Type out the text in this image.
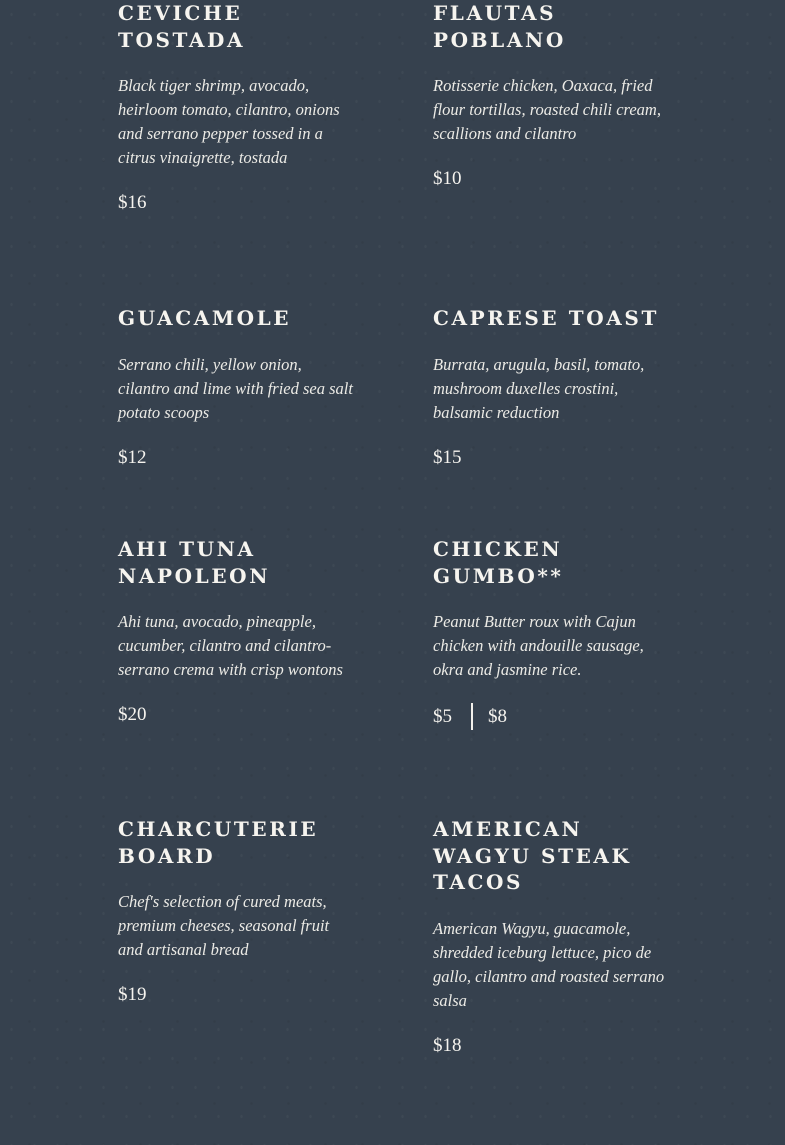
CEVICHE TOSTADA

Black tiger shrimp, avocado, heirloom tomato, cilantro, onions and serrano pepper tossed in a citrus vinaigrette, tostada

$16
FLAUTAS POBLANO

Rotisserie chicken, Oaxaca, fried flour tortillas, roasted chili cream, scallions and cilantro

$10
GUACAMOLE

Serrano chili, yellow onion, cilantro and lime with fried sea salt potato scoops

$12
CAPRESE TOAST

Burrata, arugula, basil, tomato, mushroom duxelles crostini, balsamic reduction

$15
AHI TUNA NAPOLEON

Ahi tuna, avocado, pineapple, cucumber, cilantro and cilantro-serrano crema with crisp wontons

$20
CHICKEN GUMBO**

Peanut Butter roux with Cajun chicken with andouille sausage, okra and jasmine rice.

$5 $8
CHARCUTERIE BOARD

Chef's selection of cured meats, premium cheeses, seasonal fruit and artisanal bread

$19
AMERICAN WAGYU STEAK TACOS

American Wagyu, guacamole, shredded iceburg lettuce, pico de gallo, cilantro and roasted serrano salsa

$18
